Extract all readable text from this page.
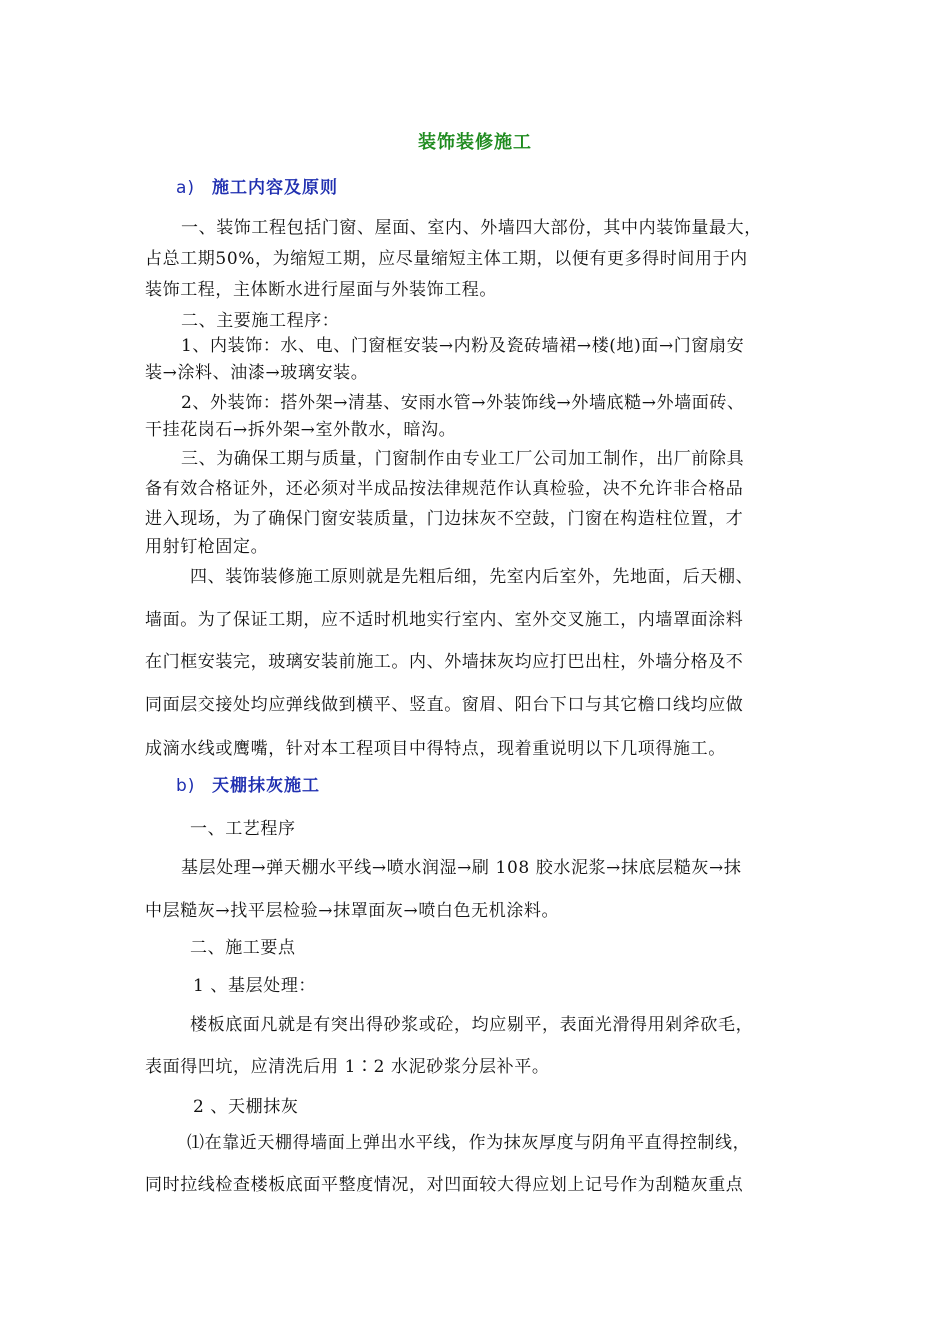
装饰装修施工
a) 施工内容及原则
一、装饰工程包括门窗、屋面、室内、外墙四大部份，其中内装饰量最大，
占总工期50%，为缩短工期，应尽量缩短主体工期，以便有更多得时间用于内
装饰工程，主体断水进行屋面与外装饰工程。
二、主要施工程序：
1、内装饰：水、电、门窗框安装→内粉及瓷砖墙裙→楼(地)面→门窗扇安
装→涂料、油漆→玻璃安装。
2、外装饰：搭外架→清基、安雨水管→外装饰线→外墙底糙→外墙面砖、
干挂花岗石→拆外架→室外散水，暗沟。
三、为确保工期与质量，门窗制作由专业工厂公司加工制作，出厂前除具
备有效合格证外，还必须对半成品按法律规范作认真检验，决不允许非合格品
进入现场，为了确保门窗安装质量，门边抹灰不空鼓，门窗在构造柱位置，才
用射钉枪固定。
四、装饰装修施工原则就是先粗后细，先室内后室外，先地面，后天棚、
墙面。为了保证工期，应不适时机地实行室内、室外交叉施工，内墙罩面涂料
在门框安装完，玻璃安装前施工。内、外墙抹灰均应打巴出柱，外墙分格及不
同面层交接处均应弹线做到横平、竖直。窗眉、阳台下口与其它檐口线均应做
成滴水线或鹰嘴，针对本工程项目中得特点，现着重说明以下几项得施工。
b) 天棚抹灰施工
一、工艺程序
基层处理→弹天棚水平线→喷水润湿→刷 108 胶水泥浆→抹底层糙灰→抹
中层糙灰→找平层检验→抹罩面灰→喷白色无机涂料。
二、施工要点
1 、基层处理：
楼板底面凡就是有突出得砂浆或砼，均应剔平，表面光滑得用剁斧砍毛，
表面得凹坑，应清洗后用 1∶2 水泥砂浆分层补平。
2 、天棚抹灰
⑴在靠近天棚得墙面上弹出水平线，作为抹灰厚度与阴角平直得控制线，
同时拉线检查楼板底面平整度情况，对凹面较大得应划上记号作为刮糙灰重点
